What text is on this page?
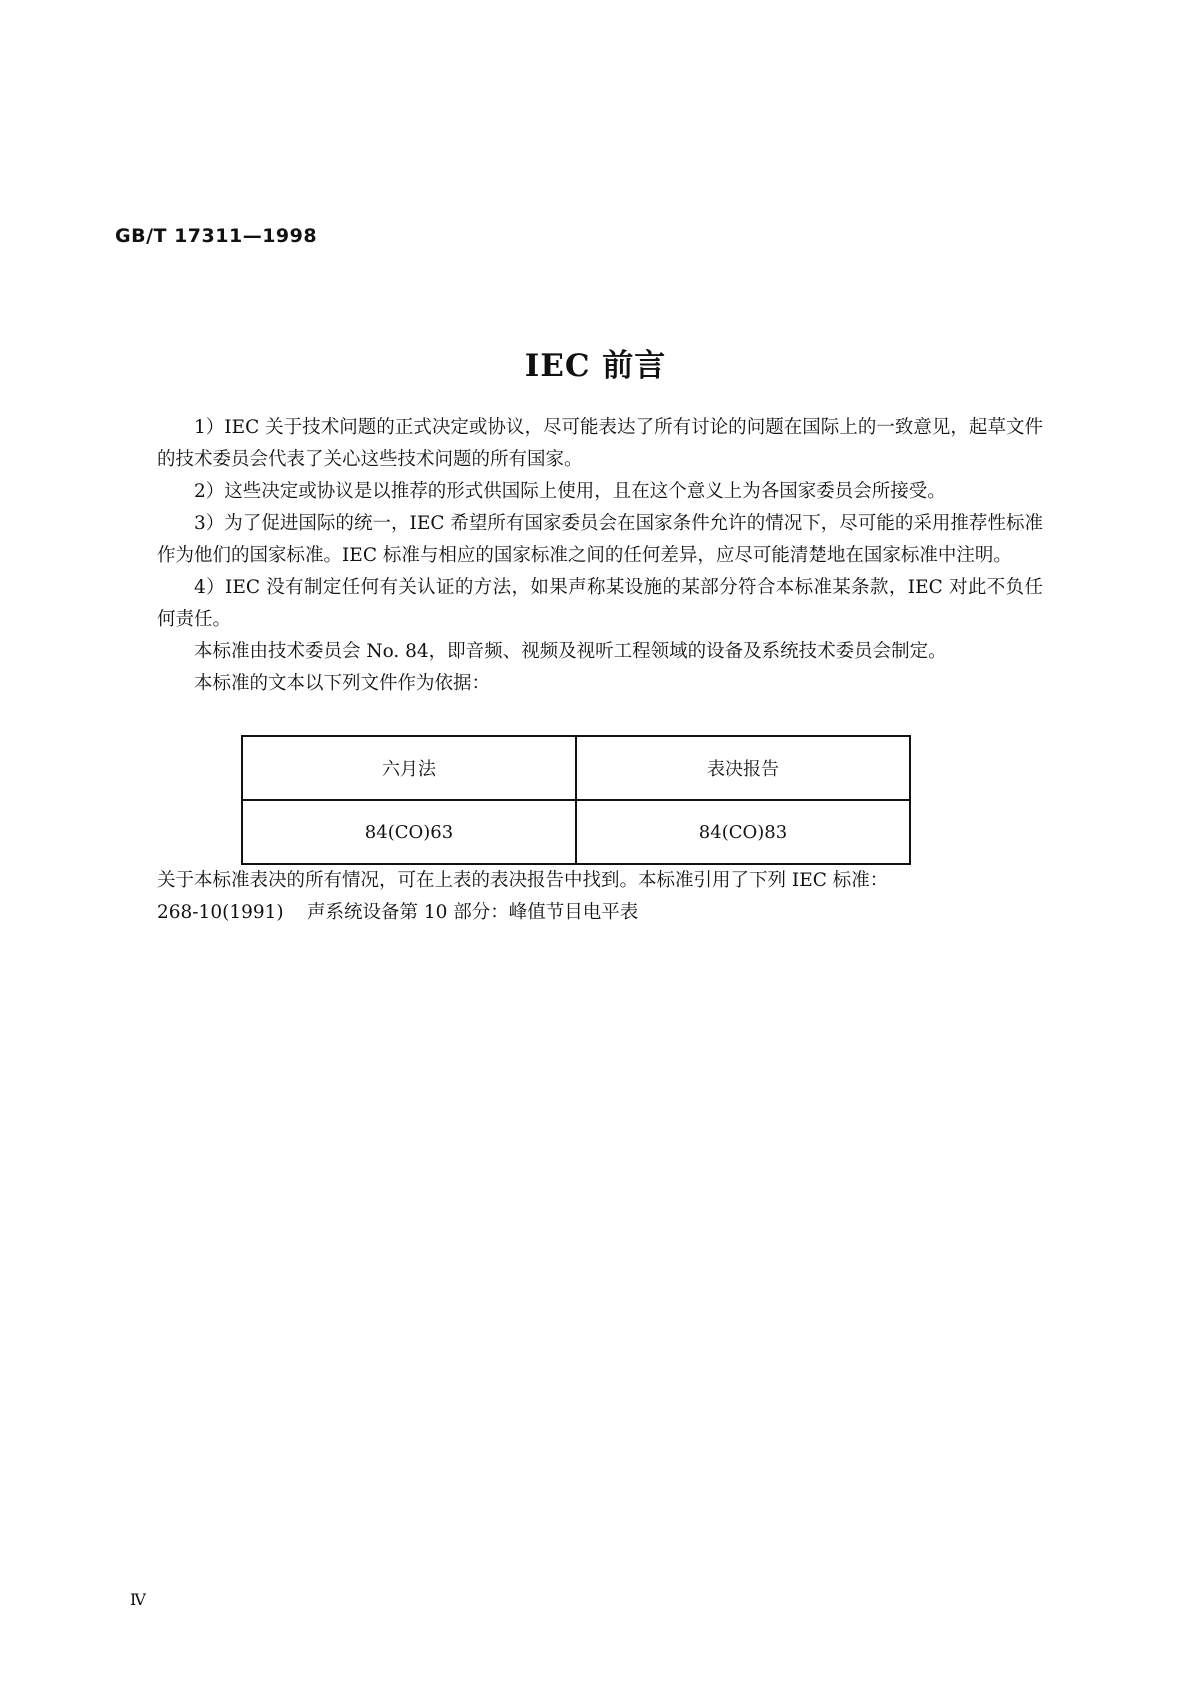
GB/T 17311—1998

IEC 前言

1）IEC 关于技术问题的正式决定或协议，尽可能表达了所有讨论的问题在国际上的一致意见，起草文件的技术委员会代表了关心这些技术问题的所有国家。

2）这些决定或协议是以推荐的形式供国际上使用，且在这个意义上为各国家委员会所接受。

3）为了促进国际的统一，IEC 希望所有国家委员会在国家条件允许的情况下，尽可能的采用推荐性标准作为他们的国家标准。IEC 标准与相应的国家标准之间的任何差异，应尽可能清楚地在国家标准中注明。

4）IEC 没有制定任何有关认证的方法，如果声称某设施的某部分符合本标准某条款，IEC 对此不负任何责任。

本标准由技术委员会 No. 84，即音频、视频及视听工程领域的设备及系统技术委员会制定。

本标准的文本以下列文件作为依据：

六月法	表决报告
84(CO)63	84(CO)83

关于本标准表决的所有情况，可在上表的表决报告中找到。本标准引用了下列 IEC 标准：

268-10(1991) 声系统设备第 10 部分：峰值节目电平表

Ⅳ
